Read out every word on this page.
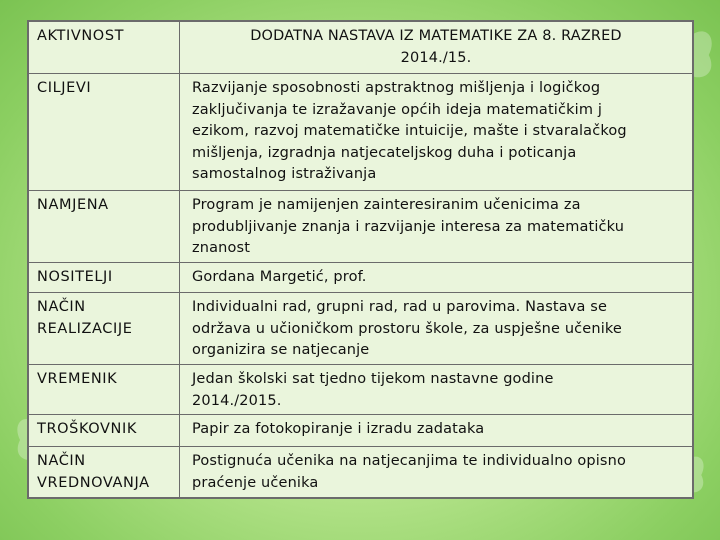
AKTIVNOST	DODATNA NASTAVA IZ MATEMATIKE ZA 8. RAZRED
2014./15.

CILJEVI	Razvijanje sposobnosti apstraktnog mišljenja i logičkog
zaključivanja te izražavanje općih ideja matematičkim j
ezikom, razvoj matematičke intuicije, mašte i stvaralačkog
mišljenja, izgradnja natjecateljskog duha i poticanja
samostalnog istraživanja

NAMJENA	Program je namijenjen zainteresiranim učenicima za
produbljivanje znanja i razvijanje interesa za matematičku
znanost

NOSITELJI	Gordana Margetić, prof.

NAČIN
REALIZACIJE	Individualni rad, grupni rad, rad u parovima. Nastava se
održava u učioničkom prostoru škole, za uspješne učenike
organizira se natjecanje

VREMENIK	Jedan školski sat tjedno tijekom nastavne godine
2014./2015.

TROŠKOVNIK	Papir za fotokopiranje i izradu zadataka

NAČIN
VREDNOVANJA	Postignuća učenika na natjecanjima te individualno opisno
praćenje učenika
